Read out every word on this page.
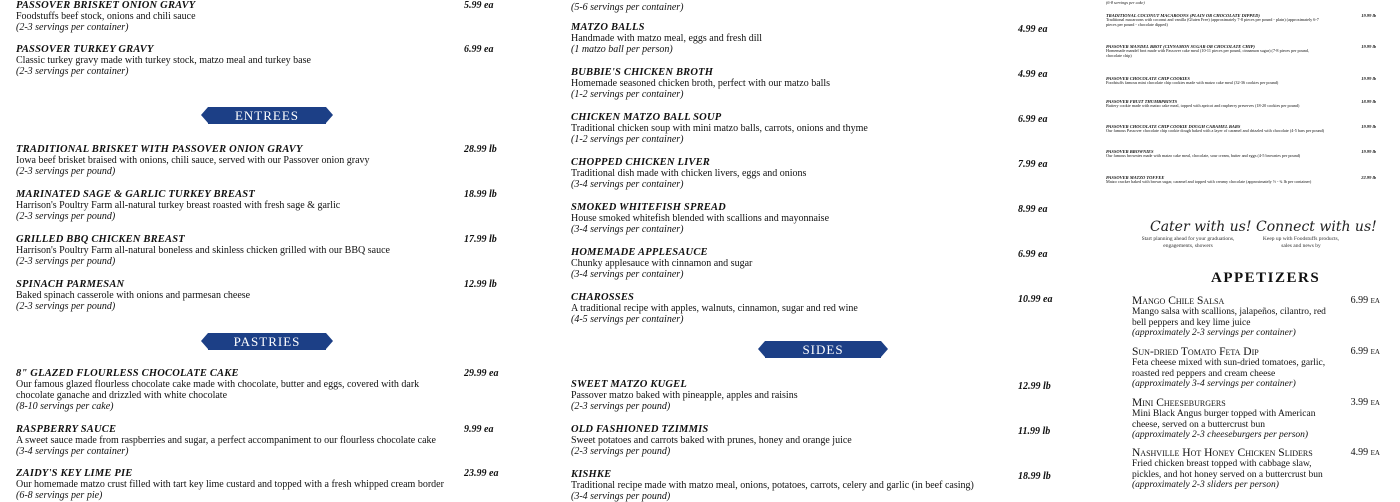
PASSOVER BRISKET ONION GRAVY
Foodstuffs beef stock, onions and chili sauce
(2-3 servings per container)
5.99 ea
PASSOVER TURKEY GRAVY
Classic turkey gravy made with turkey stock, matzo meal and turkey base
(2-3 servings per container)
6.99 ea
ENTREES
TRADITIONAL BRISKET WITH PASSOVER ONION GRAVY
Iowa beef brisket braised with onions, chili sauce, served with our Passover onion gravy
(2-3 servings per pound)
28.99 lb
MARINATED SAGE & GARLIC TURKEY BREAST
Harrison's Poultry Farm all-natural turkey breast roasted with fresh sage & garlic
(2-3 servings per pound)
18.99 lb
GRILLED BBQ CHICKEN BREAST
Harrison's Poultry Farm all-natural boneless and skinless chicken grilled with our BBQ sauce
(2-3 servings per pound)
17.99 lb
SPINACH PARMESAN
Baked spinach casserole with onions and parmesan cheese
(2-3 servings per pound)
12.99 lb
PASTRIES
8" GLAZED FLOURLESS CHOCOLATE CAKE
Our famous glazed flourless chocolate cake made with chocolate, butter and eggs, covered with dark chocolate ganache and drizzled with white chocolate
(8-10 servings per cake)
29.99 ea
RASPBERRY SAUCE
A sweet sauce made from raspberries and sugar, a perfect accompaniment to our flourless chocolate cake
(3-4 servings per container)
9.99 ea
ZAIDY'S KEY LIME PIE
Our homemade matzo crust filled with tart key lime custard and topped with a fresh whipped cream border
(6-8 servings per pie)
23.99 ea
(5-6 servings per container)
MATZO BALLS
Handmade with matzo meal, eggs and fresh dill
(1 matzo ball per person)
4.99 ea
BUBBIE'S CHICKEN BROTH
Homemade seasoned chicken broth, perfect with our matzo balls
(1-2 servings per container)
4.99 ea
CHICKEN MATZO BALL SOUP
Traditional chicken soup with mini matzo balls, carrots, onions and thyme
(1-2 servings per container)
6.99 ea
CHOPPED CHICKEN LIVER
Traditional dish made with chicken livers, eggs and onions
(3-4 servings per container)
7.99 ea
SMOKED WHITEFISH SPREAD
House smoked whitefish blended with scallions and mayonnaise
(3-4 servings per container)
8.99 ea
HOMEMADE APPLESAUCE
Chunky applesauce with cinnamon and sugar
(3-4 servings per container)
6.99 ea
CHAROSSES
A traditional recipe with apples, walnuts, cinnamon, sugar and red wine
(4-5 servings per container)
10.99 ea
SIDES
SWEET MATZO KUGEL
Passover matzo baked with pineapple, apples and raisins
(2-3 servings per pound)
12.99 lb
OLD FASHIONED TZIMMIS
Sweet potatoes and carrots baked with prunes, honey and orange juice
(2-3 servings per pound)
11.99 lb
KISHKE
Traditional recipe made with matzo meal, onions, potatoes, carrots, celery and garlic (in beef casing)
(3-4 servings per pound)
18.99 lb
(6-8 servings per cake)
TRADITIONAL COCONUT MACAROONS (PLAIN OR CHOCOLATE DIPPED)
Traditional macaroons with coconut and vanilla (Gluten Free) (approximately 7-8 pieces per pound - plain) (approximately 6-7 pieces per pound - chocolate dipped)
19.99 lb
PASSOVER MANDEL BROT (CINNAMON SUGAR OR CHOCOLATE CHIP)
Homemade mandel brot made with Passover cake meal (10-11 pieces per pound, cinnamon sugar) (7-8 pieces per pound, chocolate chip)
19.99 lb
PASSOVER CHOCOLATE CHIP COOKIES
Foodstuffs famous mini chocolate chip cookies made with matzo cake meal (32-36 cookies per pound)
19.99 lb
PASSOVER FRUIT THUMBPRINTS
Buttery cookie made with matzo cake meal, topped with apricot and raspberry preserves (18-20 cookies per pound)
18.99 lb
PASSOVER CHOCOLATE CHIP COOKIE DOUGH CARAMEL BARS
Our famous Passover chocolate chip cookie dough baked with a layer of caramel and drizzled with chocolate (4-5 bars per pound)
19.99 lb
PASSOVER BROWNIES
Our famous brownies made with matzo cake meal, chocolate, sour cream, butter and eggs (4-5 brownies per pound)
19.99 lb
PASSOVER MATZO TOFFEE
Matzo cracker baked with brown sugar, caramel and topped with creamy chocolate (approximately ½ - ¾ lb per container)
22.99 lb
Cater with us!
Start planning ahead for your graduations, engagements, showers
Connect with us!
Keep up with Foodstuffs products, sales and news by
APPETIZERS
Mango Chile Salsa
Mango salsa with scallions, jalapeños, cilantro, red bell peppers and key lime juice
(approximately 2-3 servings per container)
6.99 ea
Sun-dried Tomato Feta Dip
Feta cheese mixed with sun-dried tomatoes, garlic, roasted red peppers and cream cheese
(approximately 3-4 servings per container)
6.99 ea
Mini Cheeseburgers
Mini Black Angus burger topped with American cheese, served on a buttercrust bun
(approximately 2-3 cheeseburgers per person)
3.99 ea
Nashville Hot Honey Chicken Sliders
Fried chicken breast topped with cabbage slaw, pickles, and hot honey served on a buttercrust bun
(approximately 2-3 sliders per person)
4.99 ea
